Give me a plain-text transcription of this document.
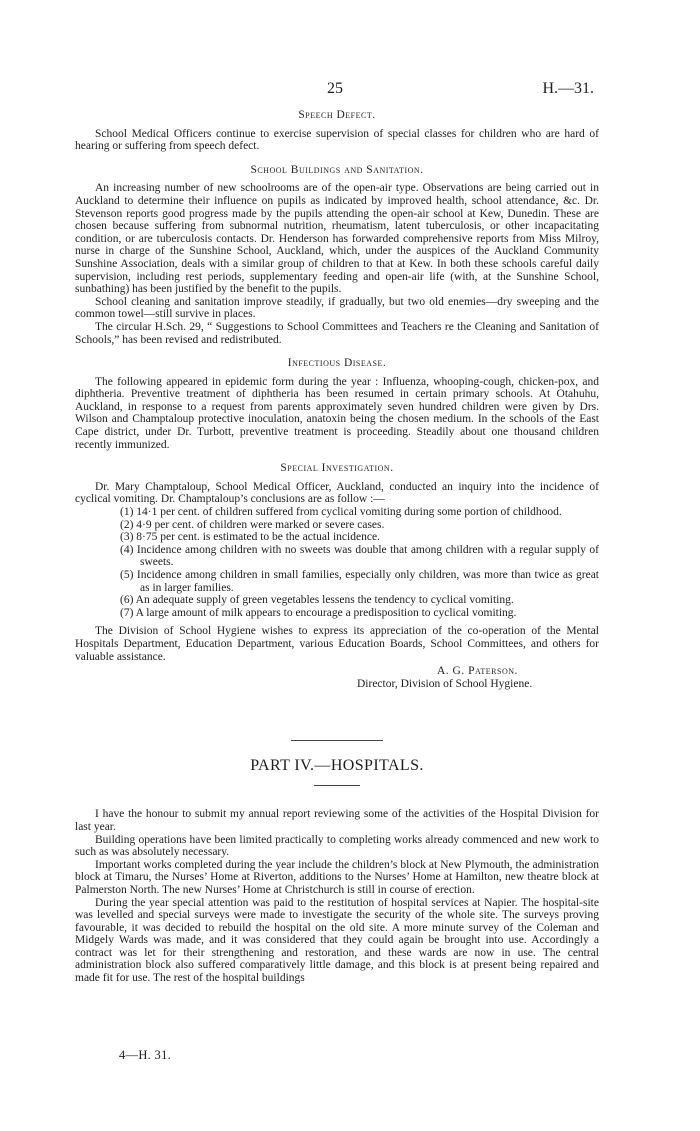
25	H.—31.
Speech Defect.

School Medical Officers continue to exercise supervision of special classes for children who are hard of hearing or suffering from speech defect.

School Buildings and Sanitation.

An increasing number of new schoolrooms are of the open-air type. Observations are being carried out in Auckland to determine their influence on pupils as indicated by improved health, school attendance, &c. Dr. Stevenson reports good progress made by the pupils attending the open-air school at Kew, Dunedin. These are chosen because suffering from subnormal nutrition, rheumatism, latent tuberculosis, or other incapacitating condition, or are tuberculosis contacts. Dr. Henderson has forwarded comprehensive reports from Miss Milroy, nurse in charge of the Sunshine School, Auckland, which, under the auspices of the Auckland Community Sunshine Association, deals with a similar group of children to that at Kew. In both these schools careful daily supervision, including rest periods, supplementary feeding and open-air life (with, at the Sunshine School, sunbathing) has been justified by the benefit to the pupils.

School cleaning and sanitation improve steadily, if gradually, but two old enemies—dry sweeping and the common towel—still survive in places.

The circular H.Sch. 29, “ Suggestions to School Committees and Teachers re the Cleaning and Sanitation of Schools,” has been revised and redistributed.

Infectious Disease.

The following appeared in epidemic form during the year : Influenza, whooping-cough, chicken-pox, and diphtheria. Preventive treatment of diphtheria has been resumed in certain primary schools. At Otahuhu, Auckland, in response to a request from parents approximately seven hundred children were given by Drs. Wilson and Champtaloup protective inoculation, anatoxin being the chosen medium. In the schools of the East Cape district, under Dr. Turbott, preventive treatment is proceeding. Steadily about one thousand children recently immunized.

Special Investigation.

Dr. Mary Champtaloup, School Medical Officer, Auckland, conducted an inquiry into the incidence of cyclical vomiting. Dr. Champtaloup’s conclusions are as follow :—

(1) 14·1 per cent. of children suffered from cyclical vomiting during some portion of childhood.
(2) 4·9 per cent. of children were marked or severe cases.
(3) 8·75 per cent. is estimated to be the actual incidence.
(4) Incidence among children with no sweets was double that among children with a regular supply of sweets.
(5) Incidence among children in small families, especially only children, was more than twice as great as in larger families.
(6) An adequate supply of green vegetables lessens the tendency to cyclical vomiting.
(7) A large amount of milk appears to encourage a predisposition to cyclical vomiting.

The Division of School Hygiene wishes to express its appreciation of the co-operation of the Mental Hospitals Department, Education Department, various Education Boards, School Committees, and others for valuable assistance.

A. G. Paterson.
Director, Division of School Hygiene.
PART IV.—HOSPITALS.

I have the honour to submit my annual report reviewing some of the activities of the Hospital Division for last year.

Building operations have been limited practically to completing works already commenced and new work to such as was absolutely necessary.

Important works completed during the year include the children’s block at New Plymouth, the administration block at Timaru, the Nurses’ Home at Riverton, additions to the Nurses’ Home at Hamilton, new theatre block at Palmerston North. The new Nurses’ Home at Christchurch is still in course of erection.

During the year special attention was paid to the restitution of hospital services at Napier. The hospital-site was levelled and special surveys were made to investigate the security of the whole site. The surveys proving favourable, it was decided to rebuild the hospital on the old site. A more minute survey of the Coleman and Midgely Wards was made, and it was considered that they could again be brought into use. Accordingly a contract was let for their strengthening and restoration, and these wards are now in use. The central administration block also suffered comparatively little damage, and this block is at present being repaired and made fit for use. The rest of the hospital buildings

4—H. 31.
